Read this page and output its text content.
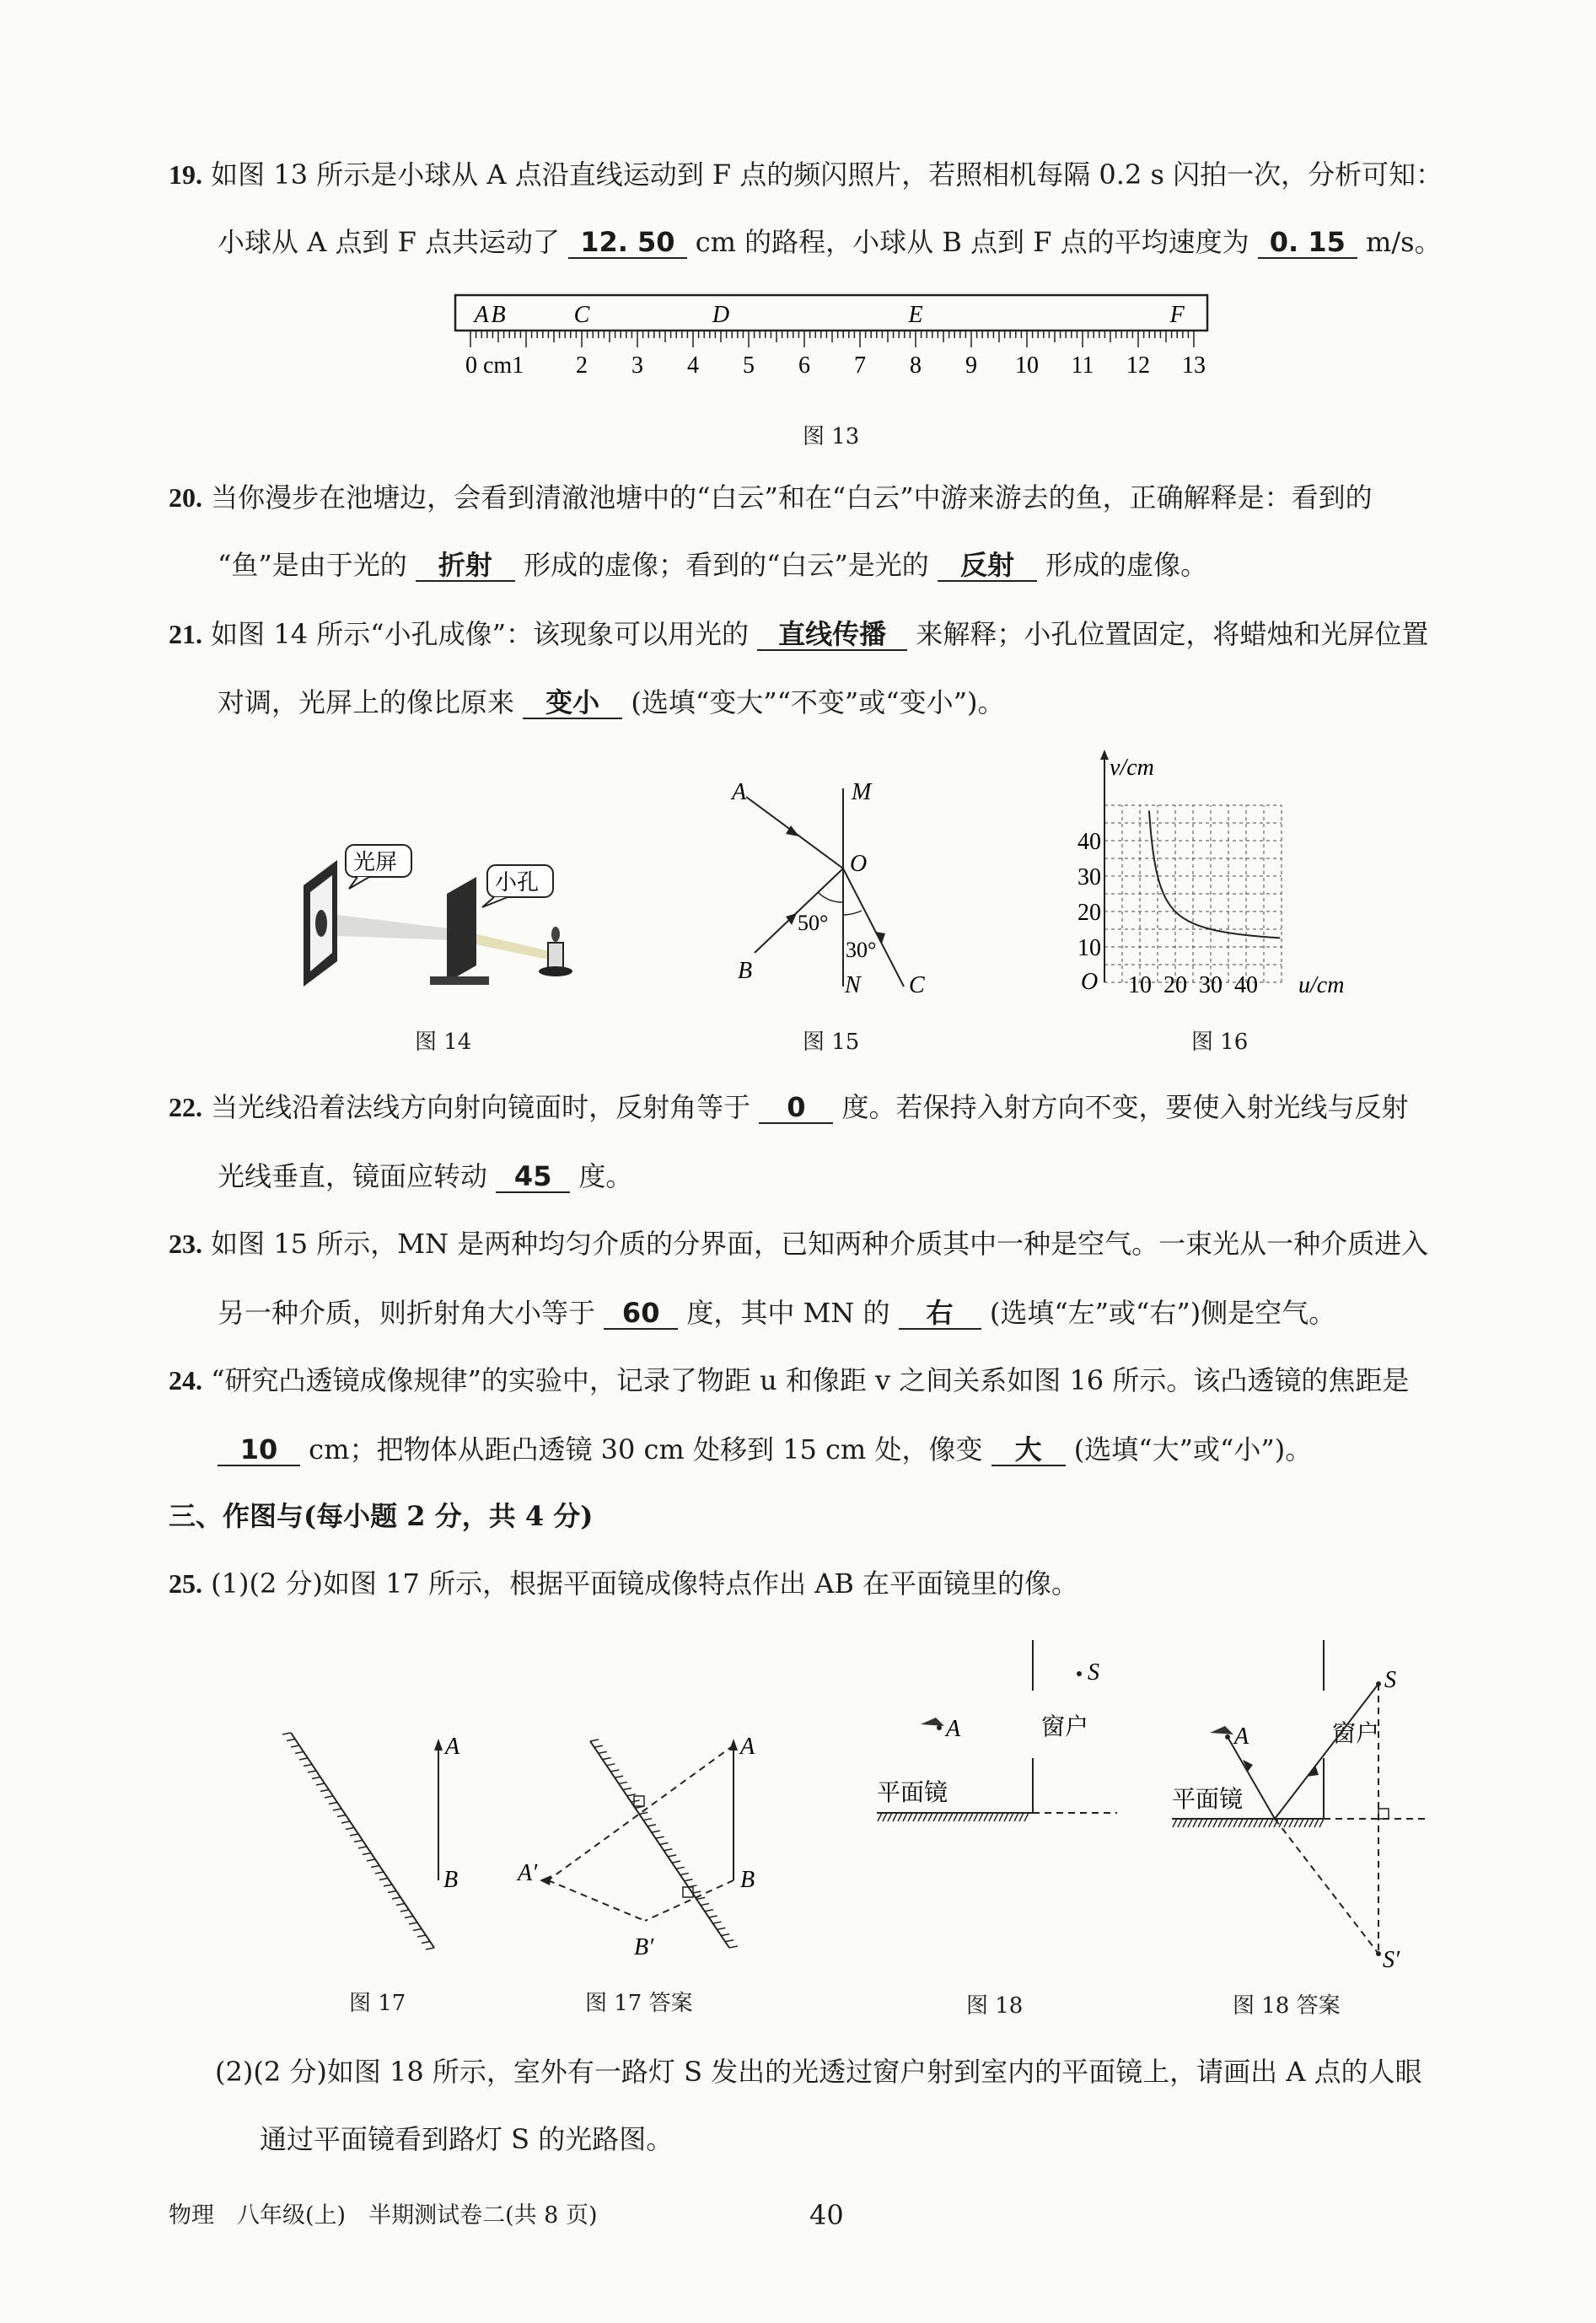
19. 如图 13 所示是小球从 A 点沿直线运动到 F 点的频闪照片，若照相机每隔 0.2 s 闪拍一次，分析可知：
小球从 A 点到 F 点共运动了 12. 50 cm 的路程，小球从 B 点到 F 点的平均速度为 0. 15 m/s。
A B	C	D	E	F
0 cm1 2 3 4 5 6 7 8 9 10 11 12 13
图 13
20. 当你漫步在池塘边，会看到清澈池塘中的“白云”和在“白云”中游来游去的鱼，正确解释是：看到的
“鱼”是由于光的 折射 形成的虚像；看到的“白云”是光的 反射 形成的虚像。
21. 如图 14 所示“小孔成像”：该现象可以用光的 直线传播 来解释；小孔位置固定，将蜡烛和光屏位置
对调，光屏上的像比原来 变小 (选填“变大”“不变”或“变小”)。
光屏
小孔
图 14
A	M
O
B
N C
50°
30°
图 15
10 20 30 40
40
30
20
10
v/cm
u/cm
O
图 16
22. 当光线沿着法线方向射向镜面时，反射角等于 0 度。若保持入射方向不变，要使入射光线与反射
光线垂直，镜面应转动 45 度。
23. 如图 15 所示，MN 是两种均匀介质的分界面，已知两种介质其中一种是空气。一束光从一种介质进入
另一种介质，则折射角大小等于 60 度，其中 MN 的 右 (选填“左”或“右”)侧是空气。
24. “研究凸透镜成像规律”的实验中，记录了物距 u 和像距 v 之间关系如图 16 所示。该凸透镜的焦距是
10 cm；把物体从距凸透镜 30 cm 处移到 15 cm 处，像变 大 (选填“大”或“小”)。
三、作图与(每小题 2 分，共 4 分)
25. (1)(2 分)如图 17 所示，根据平面镜成像特点作出 AB 在平面镜里的像。
A
B
图 17
A
B
A′
B′
图 17 答案
S
A	窗户
平面镜
图 18
S
A	窗户
平面镜
S′
图 18 答案
(2)(2 分)如图 18 所示，室外有一路灯 S 发出的光透过窗户射到室内的平面镜上，请画出 A 点的人眼
通过平面镜看到路灯 S 的光路图。
物理　八年级(上)　半期测试卷二(共 8 页)	40
